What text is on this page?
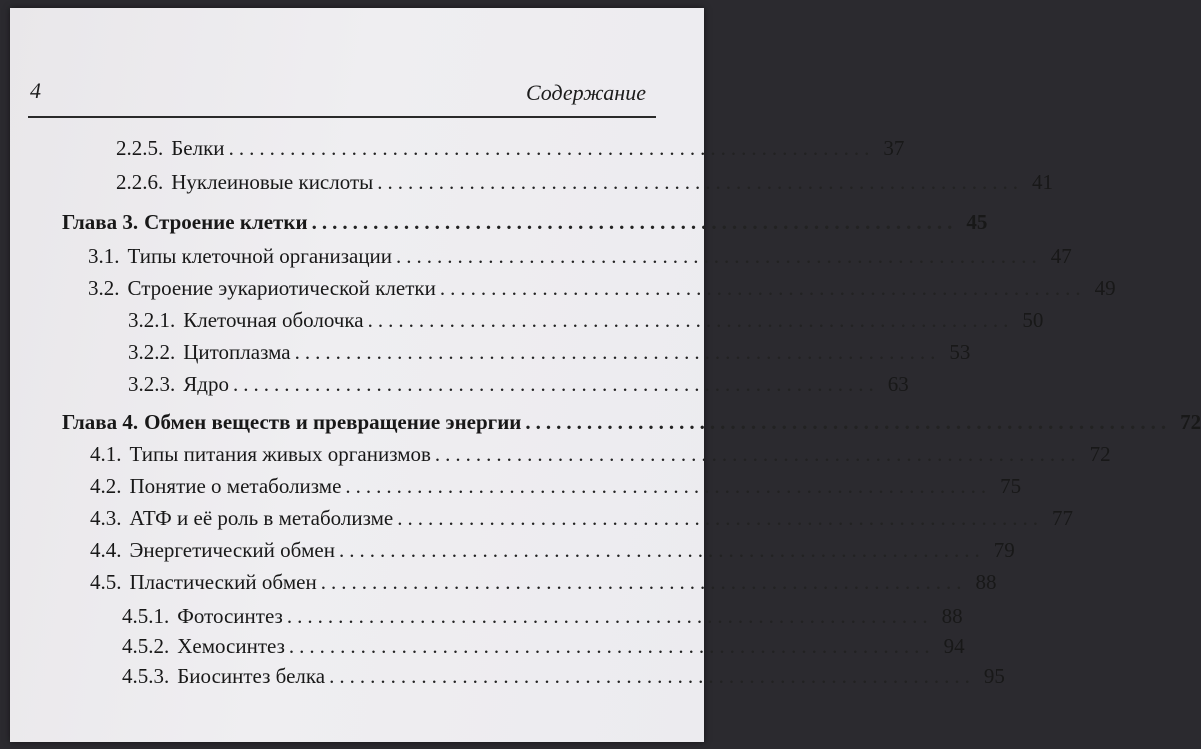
4	Содержание
2.2.5. Белки ............................................................... 37
2.2.6. Нуклеиновые кислоты ............................................................... 41
Глава 3. Строение клетки ............................................................... 45
3.1. Типы клеточной организации ............................................................... 47
3.2. Строение эукариотической клетки ............................................................... 49
3.2.1. Клеточная оболочка ............................................................... 50
3.2.2. Цитоплазма ............................................................... 53
3.2.3. Ядро ............................................................... 63
Глава 4. Обмен веществ и превращение энергии ............................................................... 72
4.1. Типы питания живых организмов ............................................................... 72
4.2. Понятие о метаболизме ............................................................... 75
4.3. АТФ и её роль в метаболизме ............................................................... 77
4.4. Энергетический обмен ............................................................... 79
4.5. Пластический обмен ............................................................... 88
4.5.1. Фотосинтез ............................................................... 88
4.5.2. Хемосинтез ............................................................... 94
4.5.3. Биосинтез белка ............................................................... 95
